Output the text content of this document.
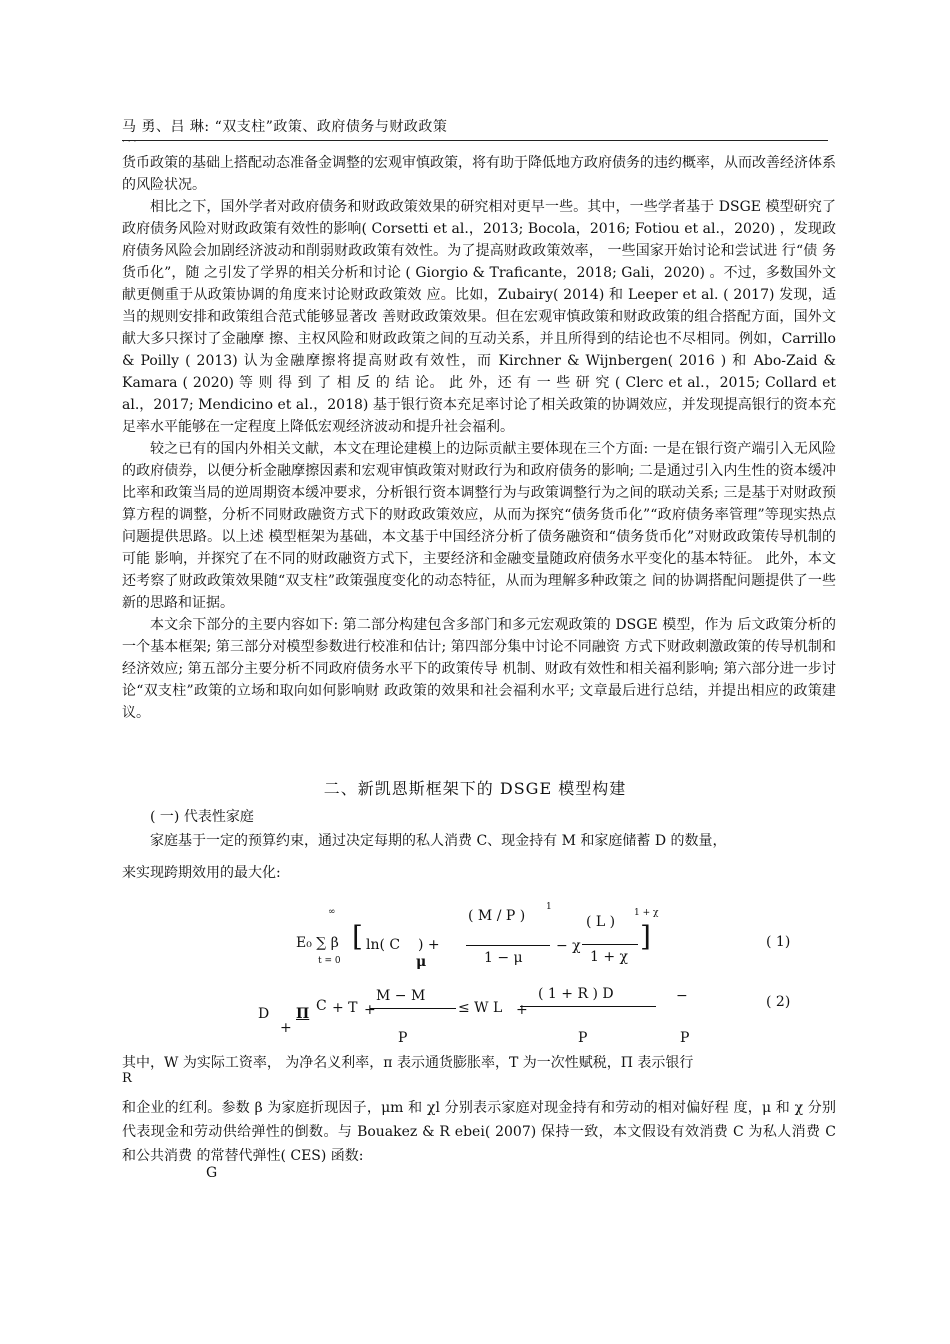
马 勇、吕 琳: “双支柱”政策、政府债务与财政政策
· · ·

货币政策的基础上搭配动态准备金调整的宏观审慎政策，将有助于降低地方政府债务的违约概率，从而改善经济体系的风险状况。

相比之下，国外学者对政府债务和财政政策效果的研究相对更早一些。其中，一些学者基于 DSGE 模型研究了政府债务风险对财政政策有效性的影响( Corsetti et al.，2013; Bocola，2016; Fotiou et al.，2020) ，发现政府债务风险会加剧经济波动和削弱财政政策有效性。为了提高财政政策效率， 一些国家开始讨论和尝试进 行“债 务货币化”，随 之引发了学界的相关分析和讨论 ( Giorgio & Traficante，2018; Gali，2020) 。不过，多数国外文献更侧重于从政策协调的角度来讨论财政政策效 应。比如，Zubairy( 2014) 和 Leeper et al. ( 2017) 发现，适当的规则安排和政策组合范式能够显著改 善财政政策效果。但在宏观审慎政策和财政政策的组合搭配方面，国外文献大多只探讨了金融摩 擦、主权风险和财政政策之间的互动关系，并且所得到的结论也不尽相同。例如，Carrillo & Poilly ( 2013) 认为金融摩擦将提高财政有效性，而 Kirchner & Wijnbergen( 2016 ) 和 Abo-Zaid & Kamara ( 2020) 等 则 得 到 了 相 反 的 结 论。 此 外，还 有 一 些 研 究 ( Clerc et al.，2015; Collard et al.，2017; Mendicino et al.，2018) 基于银行资本充足率讨论了相关政策的协调效应，并发现提高银行的资本充 足率水平能够在一定程度上降低宏观经济波动和提升社会福利。

较之已有的国内外相关文献，本文在理论建模上的边际贡献主要体现在三个方面: 一是在银行资产端引入无风险的政府债券，以便分析金融摩擦因素和宏观审慎政策对财政行为和政府债务的影响; 二是通过引入内生性的资本缓冲比率和政策当局的逆周期资本缓冲要求，分析银行资本调整行为与政策调整行为之间的联动关系; 三是基于对财政预算方程的调整，分析不同财政融资方式下的财政政策效应，从而为探究“债务货币化”“政府债务率管理”等现实热点问题提供思路。以上述 模型框架为基础，本文基于中国经济分析了债务融资和“债务货币化”对财政政策传导机制的可能 影响，并探究了在不同的财政融资方式下，主要经济和金融变量随政府债务水平变化的基本特征。 此外，本文还考察了财政政策效果随“双支柱”政策强度变化的动态特征，从而为理解多种政策之 间的协调搭配问题提供了一些新的思路和证据。

本文余下部分的主要内容如下: 第二部分构建包含多部门和多元宏观政策的 DSGE 模型，作为 后文政策分析的一个基本框架; 第三部分对模型参数进行校准和估计; 第四部分集中讨论不同融资 方式下财政刺激政策的传导机制和经济效应; 第五部分主要分析不同政府债务水平下的政策传导 机制、财政有效性和相关福利影响; 第六部分进一步讨论“双支柱”政策的立场和取向如何影响财 政政策的效果和社会福利水平; 文章最后进行总结，并提出相应的政策建议。

二、新凯恩斯框架下的 DSGE 模型构建
( 一) 代表性家庭
家庭基于一定的预算约束，通过决定每期的私人消费 C、现金持有 M 和家庭储蓄 D 的数量，
来实现跨期效用的最大化:
E₀ ∑ β
∞
t = 0
[ ln( C ) +
μ
( M / P )
1
1 − μ
− χ
( L )
1 + χ
1 + χ
]	( 1)
D
+
Π C + T +
M − M
P
≤ W L +
( 1 + R ) D	−
P	P
( 2)
其中，W 为实际工资率， 为净名义利率，π 表示通货膨胀率，T 为一次性赋税，Π 表示银行
R
和企业的红利。参数 β 为家庭折现因子，μm 和 χl 分别表示家庭对现金持有和劳动的相对偏好程 度，μ 和 χ 分别代表现金和劳动供给弹性的倒数。与 Bouakez & R ebei( 2007) 保持一致，本文假设有效消费 C 为私人消费 C 和公共消费 的常替代弹性( CES) 函数:
G
